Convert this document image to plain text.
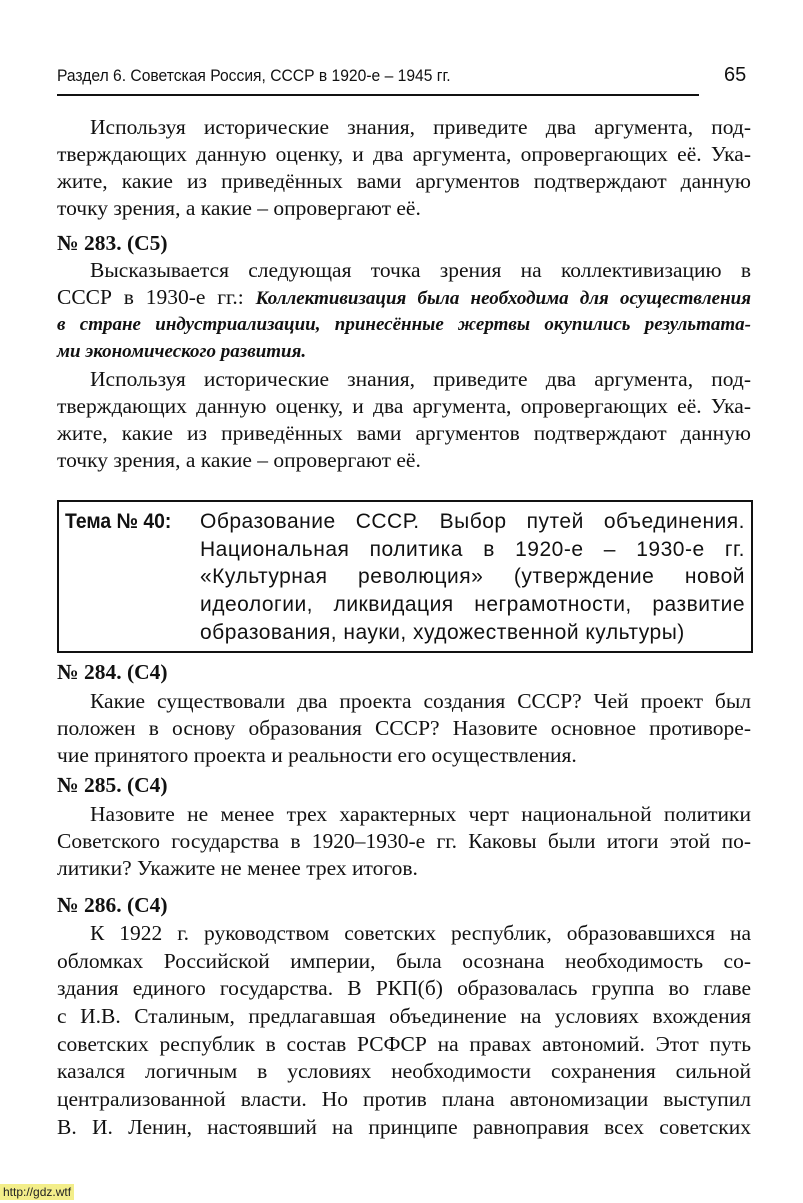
Раздел 6. Советская Россия, СССР в 1920-е – 1945 гг.	65
Используя исторические знания, приведите два аргумента, под-
тверждающих данную оценку, и два аргумента, опровергающих её. Ука-
жите, какие из приведённых вами аргументов подтверждают данную
точку зрения, а какие – опровергают её.
№ 283. (С5)
Высказывается следующая точка зрения на коллективизацию в
СССР в 1930-е гг.: Коллективизация была необходима для осуществления
в стране индустриализации, принесённые жертвы окупились результата-
ми экономического развития.
Используя исторические знания, приведите два аргумента, под-
тверждающих данную оценку, и два аргумента, опровергающих её. Ука-
жите, какие из приведённых вами аргументов подтверждают данную
точку зрения, а какие – опровергают её.
Тема № 40: Образование СССР. Выбор путей объединения.
Национальная политика в 1920-е – 1930-е гг.
«Культурная революция» (утверждение новой
идеологии, ликвидация неграмотности, развитие
образования, науки, художественной культуры)
№ 284. (С4)
Какие существовали два проекта создания СССР? Чей проект был
положен в основу образования СССР? Назовите основное противоре-
чие принятого проекта и реальности его осуществления.
№ 285. (С4)
Назовите не менее трех характерных черт национальной политики
Советского государства в 1920–1930-е гг. Каковы были итоги этой по-
литики? Укажите не менее трех итогов.
№ 286. (С4)
К 1922 г. руководством советских республик, образовавшихся на
обломках Российской империи, была осознана необходимость со-
здания единого государства. В РКП(б) образовалась группа во главе
с И.В. Сталиным, предлагавшая объединение на условиях вхождения
советских республик в состав РСФСР на правах автономий. Этот путь
казался логичным в условиях необходимости сохранения сильной
централизованной власти. Но против плана автономизации выступил
В. И. Ленин, настоявший на принципе равноправия всех советских
http://gdz.wtf
